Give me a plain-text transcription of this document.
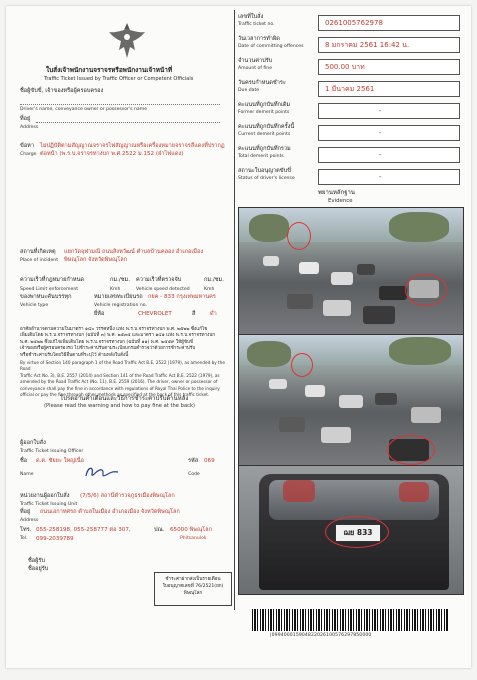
ใบสั่งเจ้าพนักงานจราจรหรือพนักงานเจ้าหน้าที่
Traffic Ticket Issued by Traffic Officer or Competent Officials
ชื่อผู้ขับขี่, เจ้าของหรือผู้ครอบครอง
Driver's name, conveyance owner or possessor's name
ที่อยู่
Address
ข้อหา ไม่ปฏิบัติตามสัญญาณจราจรไฟสัญญาณหรือเครื่องหมายจราจรสีแดงที่ปรากฏ
ต่อหน้า (พ.ร.บ.จราจรทางบก พ.ศ.2522 ม.152 (ฝ่าไฟแดง)
Charge
สถานที่เกิดเหตุ แยกวัดจุฬามณี ถนนสิงหวัฒน์ ตำบลบ้านคลอง อำเภอเมือง
พิษณุโลก จังหวัดพิษณุโลก
Place of incident
ความเร็วที่กฎหมายกำหนด	กม./ชม. ความเร็วที่ตรวจจับ	กม./ชม.
Speed Limit enforcement	Kmh	Vehicle speed detected	Kmh
ของพาหนะคันบรรทุก	หมายเลขทะเบียนรถ กยค - 833 กรุงเทพมหานคร
Vehicle type	Vehicle registration no.
ยี่ห้อ	CHEVROLET	สี	ดำ
อาศัยอำนาจตามความในมาตรา ๑๔๐ วรรคหนึ่ง แห่ง พ.ร.บ.จราจรทางบก พ.ศ. ๒๕๒๒ ซึ่งแก้ไข
เพิ่มเติมโดย พ.ร.บ.จราจรทางบก (ฉบับที่ ๓) พ.ศ. ๒๕๓๕ และมาตรา ๑๔๑ แห่ง พ.ร.บ.จราจรทางบก
พ.ศ. ๒๕๒๒ ซึ่งแก้ไขเพิ่มเติมโดย พ.ร.บ.จราจรทางบก (ฉบับที่ ๑๑) พ.ศ. ๒๕๕๙ ให้ผู้ขับขี่
เจ้าของหรือผู้ครอบครองรถ ไปชำระค่าปรับตามระเบียบกรมตำรวจว่าด้วยการชำระค่าปรับ
หรือชำระค่าปรับโดยวิธีอื่นตามที่ระบุไว้ ด้านหลังใบสั่งนี้
By virtue of Section 140 paragraph 1 of the Road Traffic Act B.E. 2522 (1979), as amended by the Road
Traffic Act No. 3), B.E. 2557 (2014) and Section 141 of the Road Traffic Act B.E. 2522 (1979), as
amended by the Road Traffic Act (No. 11), B.E. 2559 (2016). The driver, owner or possessor of
conveyance shall pay the fine in accordance with regulations of Royal Thai Police to the inquiry
official or pay the fine through other methods as specified at the back of this traffic ticket.
โปรดอ่านคำเตือนและวิธีการชำระค่าปรับด้านหลัง
(Please read the warning and how to pay fine at the back)
ผู้ออกใบสั่ง
Traffic Ticket Issuing Officer
ชื่อ ด.ต. ชัยยะ ใหญ่เนื่อ	รหัส 069
Name	Code
หน่วยงานผู้ออกใบสั่ง (7/5/6) สถานีตำรวจภูธรเมืองพิษณุโลก
Traffic Ticket Issuing Unit
ที่อยู่ ถนนเอกาทศรถ ตำบลในเมือง อำเภอเมือง จังหวัดพิษณุโลก
Address
โทร. 055-258198, 055-258777 ต่อ 307,
099-2039789
Tel.
ปณ. 65000 พิษณุโลก
Phitsanulok
ชื่อผู้รับ
ชื่ออยู่รับ
ชำระค่าฝากส่งเป็นรายเดือน
ใบอนุญาตเลขที่ 76/2521(ยก)
พิษณุโลก
เลขที่ใบสั่ง
Traffic ticket no.	0261005762978
วันเวลาการทำผิด
Date of committing offences	8 มกราคม 2561 16:42 น.
จำนวนค่าปรับ
Amount of fine	500.00 บาท
วันครบกำหนดชำระ
Due date	1 มีนาคม 2561
คะแนนที่ถูกบันทึกเดิม
Former demerit points	-
คะแนนที่ถูกบันทึกครั้งนี้
Current demerit points	-
คะแนนที่ถูกบันทึกรวม
Total demerit points	-
สถานะใบอนุญาตขับขี่
Status of driver's license	-
พยานหลักฐาน
Evidence
ฌย 833
|099400015904822026100576297850000
